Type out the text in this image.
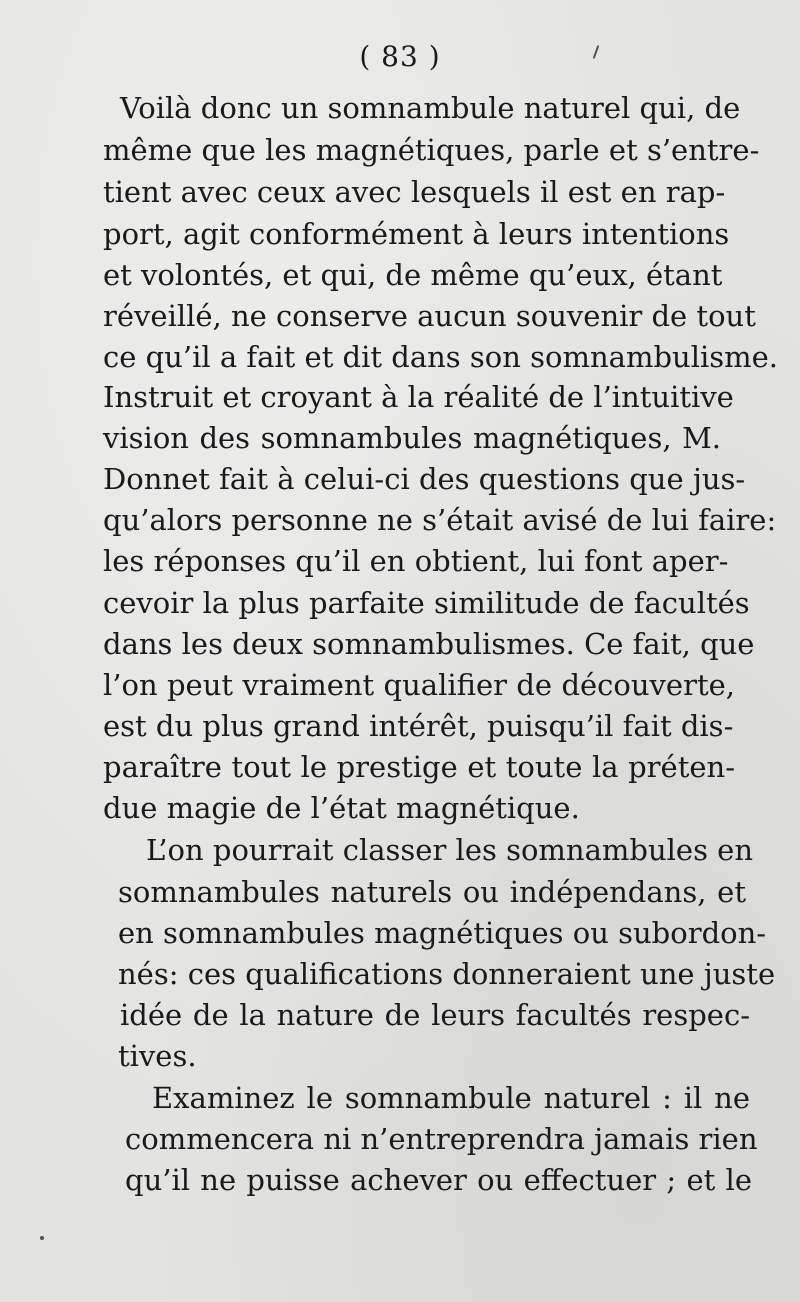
( 83 )
Voilà donc un somnambule naturel qui, de
même que les magnétiques, parle et s’entre-
tient avec ceux avec lesquels il est en rap-
port, agit conformément à leurs intentions
et volontés, et qui, de même qu’eux, étant
réveillé, ne conserve aucun souvenir de tout
ce qu’il a fait et dit dans son somnambulisme.
Instruit et croyant à la réalité de l’intuitive
vision des somnambules magnétiques, M.
Donnet fait à celui-ci des questions que jus-
qu’alors personne ne s’était avisé de lui faire:
les réponses qu’il en obtient, lui font aper-
cevoir la plus parfaite similitude de facultés
dans les deux somnambulismes. Ce fait, que
l’on peut vraiment qualifier de découverte,
est du plus grand intérêt, puisqu’il fait dis-
paraître tout le prestige et toute la préten-
due magie de l’état magnétique.
L’on pourrait classer les somnambules en
somnambules naturels ou indépendans, et
en somnambules magnétiques ou subordon-
nés: ces qualifications donneraient une juste
idée de la nature de leurs facultés respec-
tives.
Examinez le somnambule naturel : il ne
commencera ni n’entreprendra jamais rien
qu’il ne puisse achever ou effectuer ; et le
